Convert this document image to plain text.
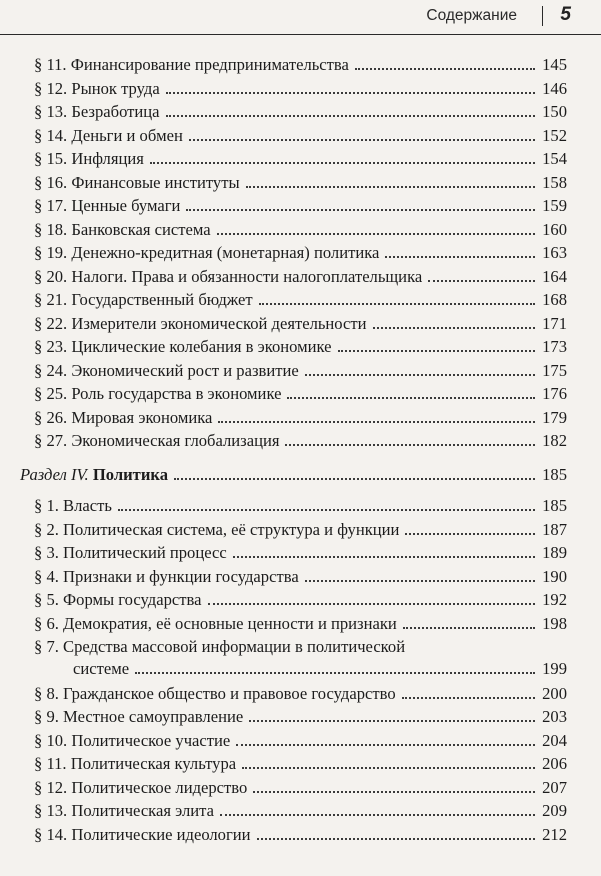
Содержание 5
§ 11. Финансирование предпринимательства	145
§ 12. Рынок труда	146
§ 13. Безработица	150
§ 14. Деньги и обмен	152
§ 15. Инфляция	154
§ 16. Финансовые институты	158
§ 17. Ценные бумаги	159
§ 18. Банковская система	160
§ 19. Денежно-кредитная (монетарная) политика	163
§ 20. Налоги. Права и обязанности налогоплательщика	164
§ 21. Государственный бюджет	168
§ 22. Измерители экономической деятельности	171
§ 23. Циклические колебания в экономике	173
§ 24. Экономический рост и развитие	175
§ 25. Роль государства в экономике	176
§ 26. Мировая экономика	179
§ 27. Экономическая глобализация	182
Раздел IV. Политика	185
§ 1. Власть	185
§ 2. Политическая система, её структура и функции	187
§ 3. Политический процесс	189
§ 4. Признаки и функции государства	190
§ 5. Формы государства	192
§ 6. Демократия, её основные ценности и признаки	198
§ 7. Средства массовой информации в политической
системе	199
§ 8. Гражданское общество и правовое государство	200
§ 9. Местное самоуправление	203
§ 10. Политическое участие	204
§ 11. Политическая культура	206
§ 12. Политическое лидерство	207
§ 13. Политическая элита	209
§ 14. Политические идеологии	212
